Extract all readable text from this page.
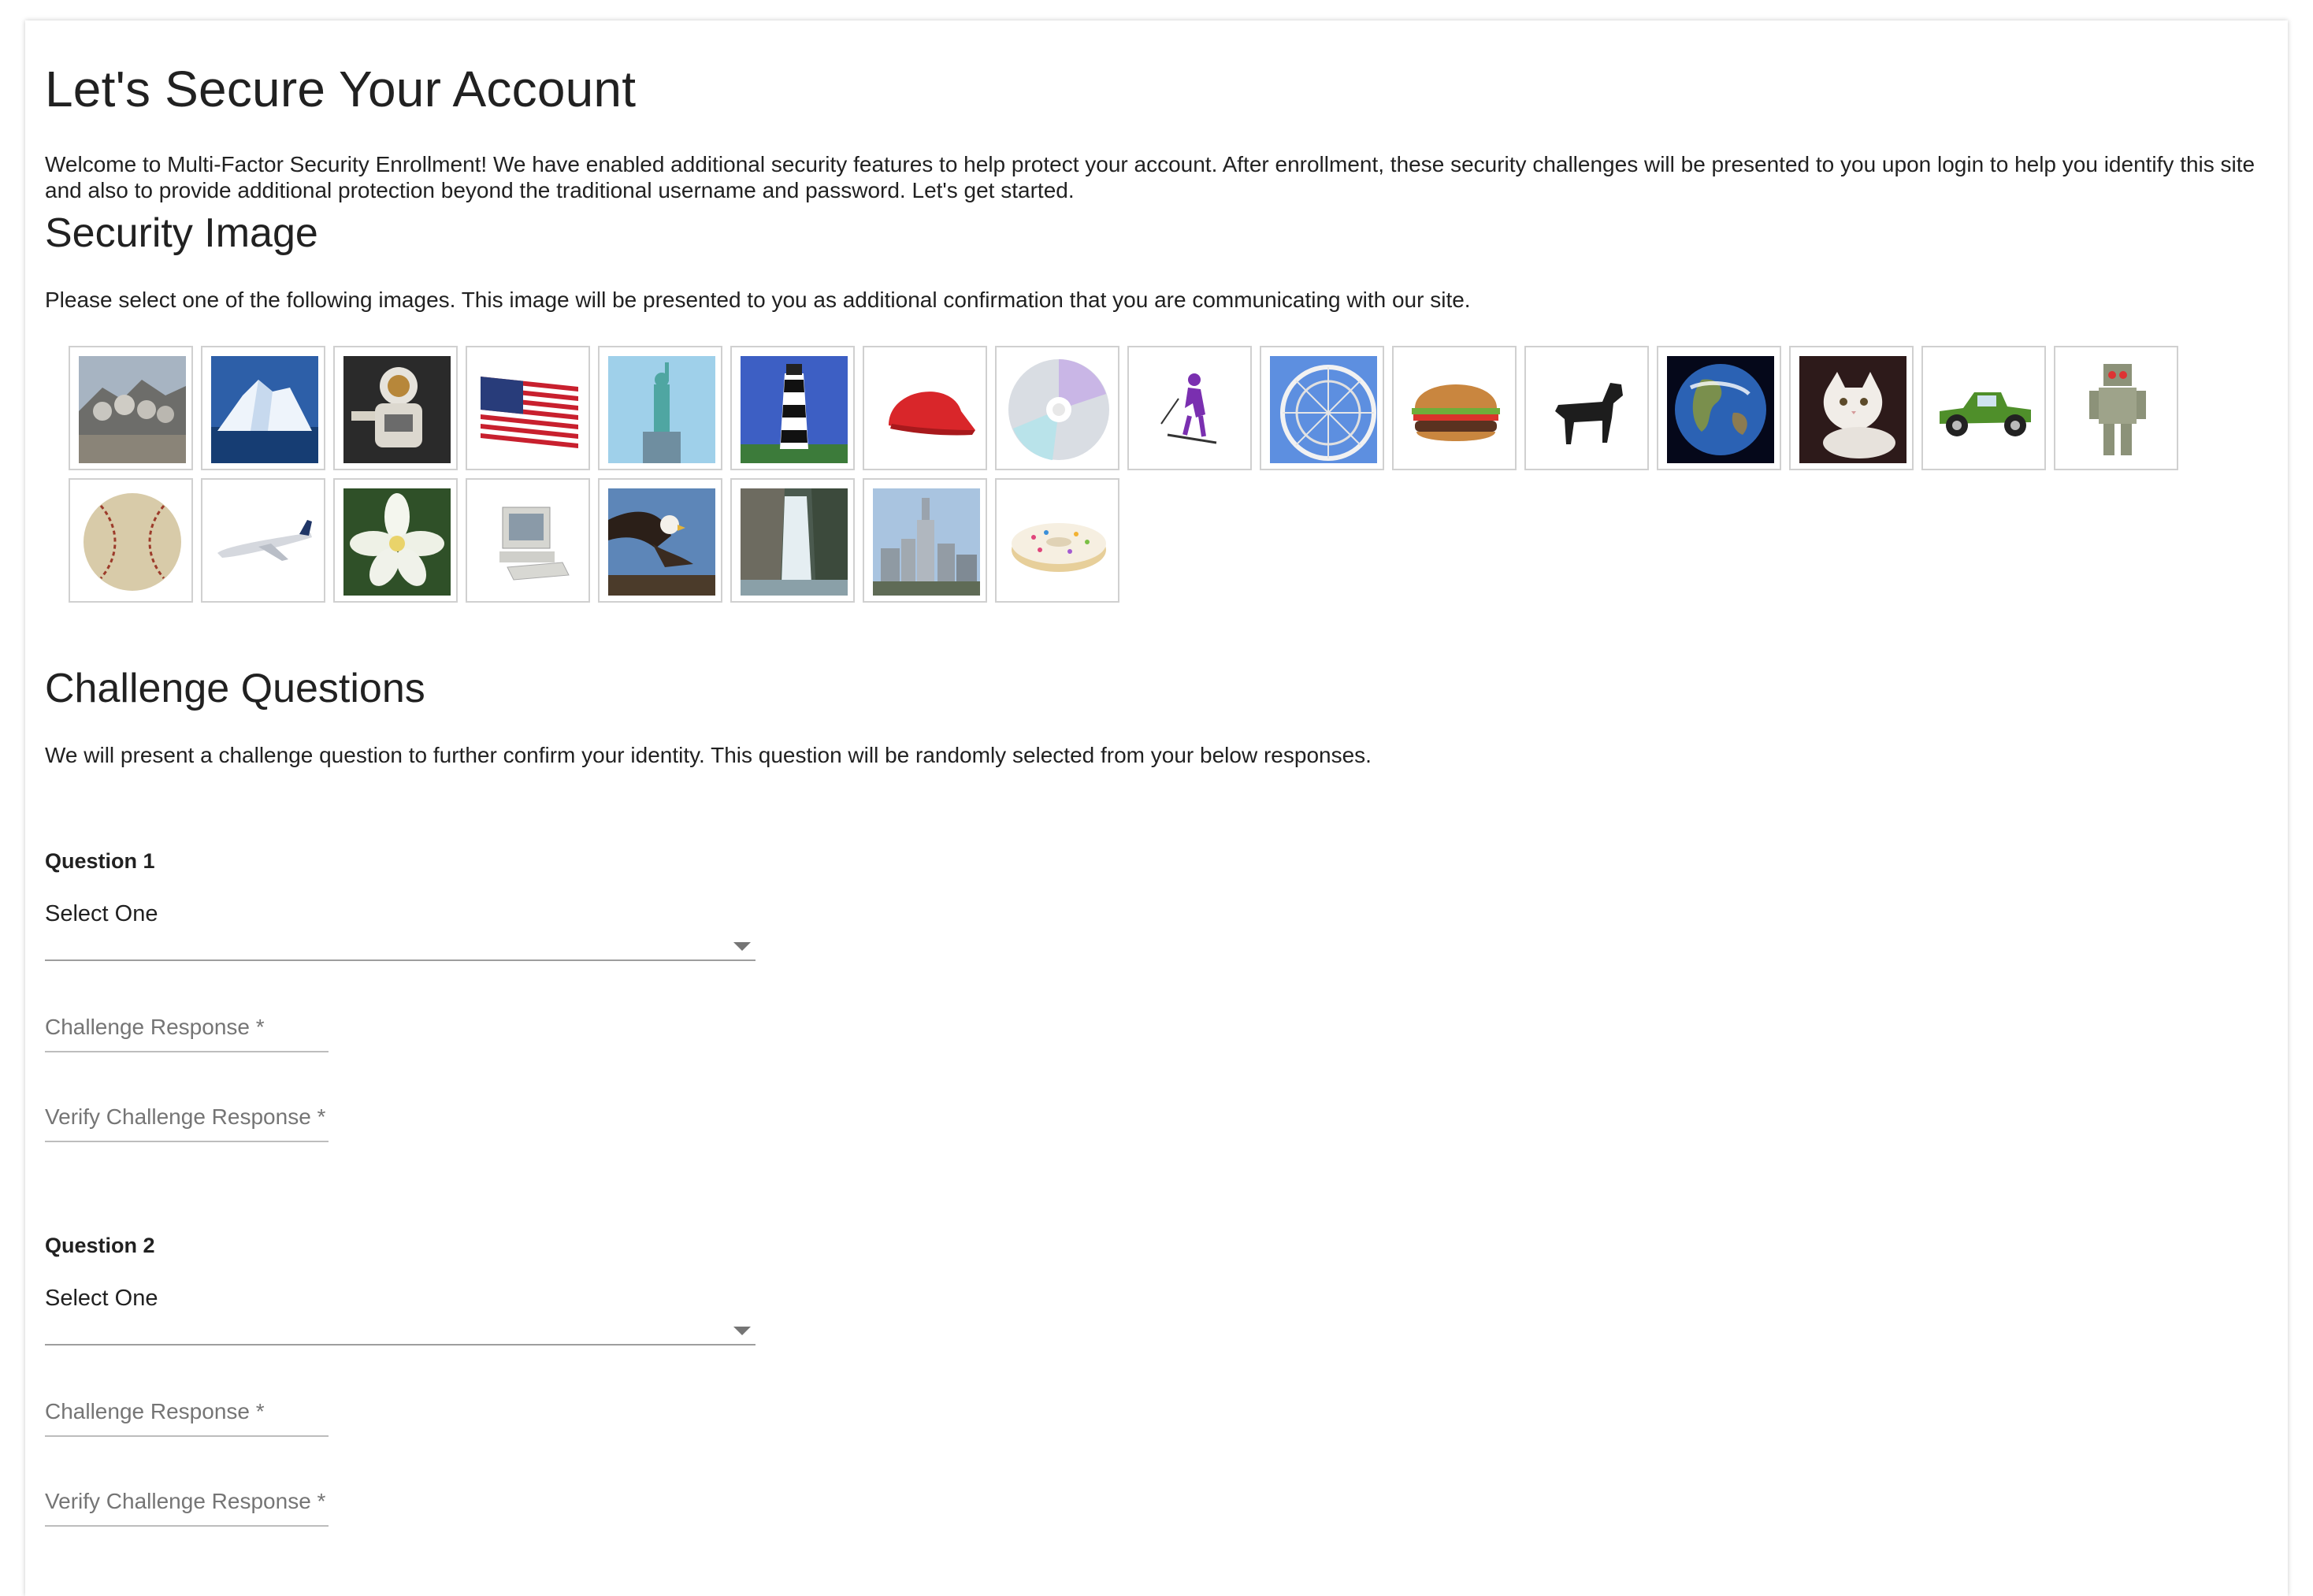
Let's Secure Your Account

Welcome to Multi-Factor Security Enrollment! We have enabled additional security features to help protect your account. After enrollment, these security challenges will be presented to you upon login to help you identify this site and also to provide additional protection beyond the traditional username and password. Let's get started.

Security Image

Please select one of the following images. This image will be presented to you as additional confirmation that you are communicating with our site.

Challenge Questions

We will present a challenge question to further confirm your identity. This question will be randomly selected from your below responses.

Question 1

Select One
Challenge Response *
Verify Challenge Response *

Question 2

Select One
Challenge Response *
Verify Challenge Response *
